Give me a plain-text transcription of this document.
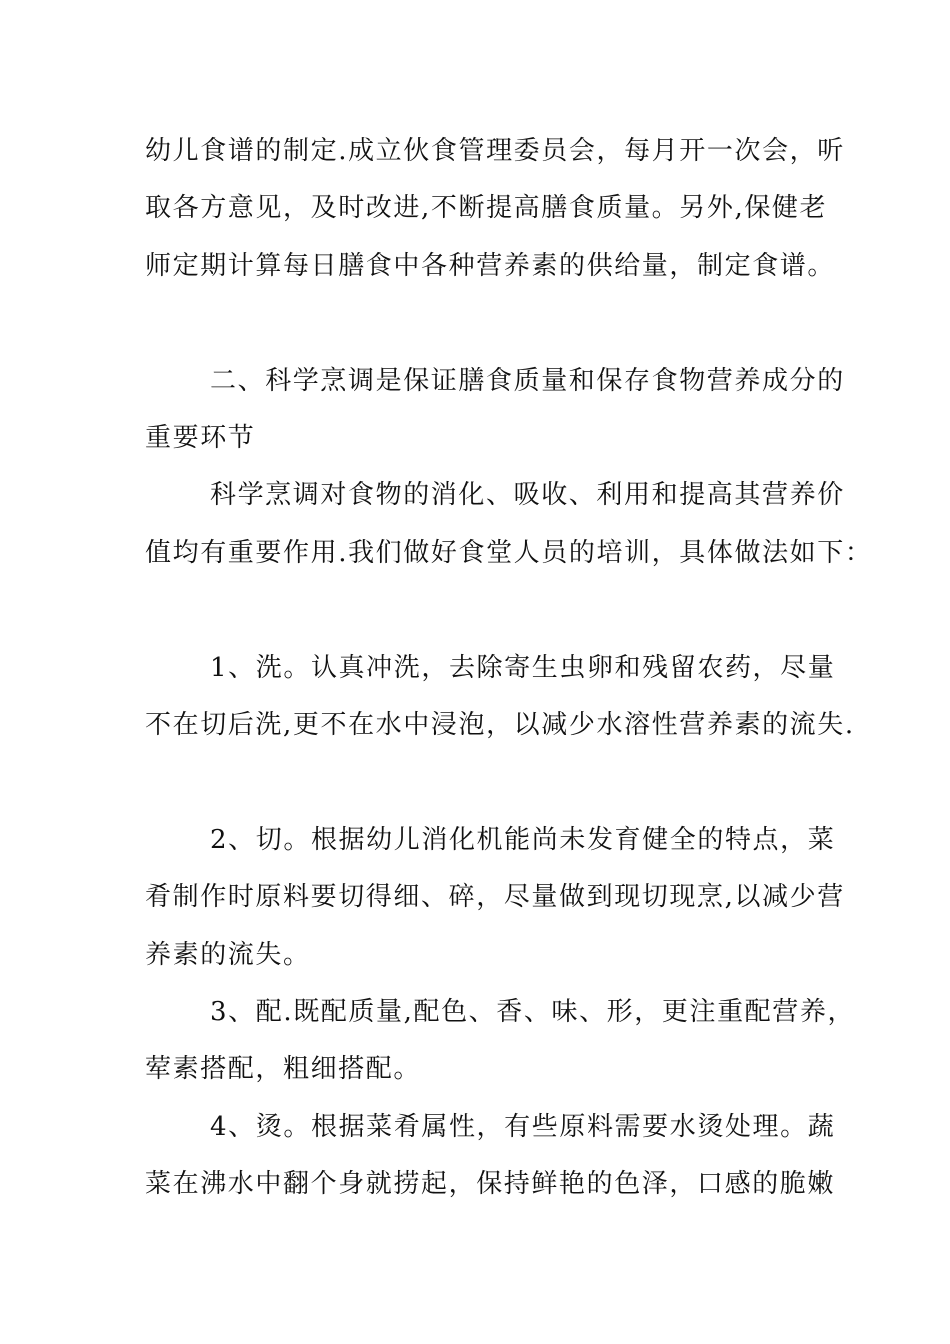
幼儿食谱的制定.成立伙食管理委员会，每月开一次会，听
取各方意见，及时改进,不断提高膳食质量。另外,保健老
师定期计算每日膳食中各种营养素的供给量，制定食谱。
二、科学烹调是保证膳食质量和保存食物营养成分的
重要环节
科学烹调对食物的消化、吸收、利用和提高其营养价
值均有重要作用.我们做好食堂人员的培训，具体做法如下：
1、洗。认真冲洗，去除寄生虫卵和残留农药，尽量
不在切后洗,更不在水中浸泡，以减少水溶性营养素的流失.
2、切。根据幼儿消化机能尚未发育健全的特点，菜
肴制作时原料要切得细、碎，尽量做到现切现烹,以减少营
养素的流失。
3、配.既配质量,配色、香、味、形，更注重配营养，
荤素搭配，粗细搭配。
4、烫。根据菜肴属性，有些原料需要水烫处理。蔬
菜在沸水中翻个身就捞起，保持鲜艳的色泽，口感的脆嫩
